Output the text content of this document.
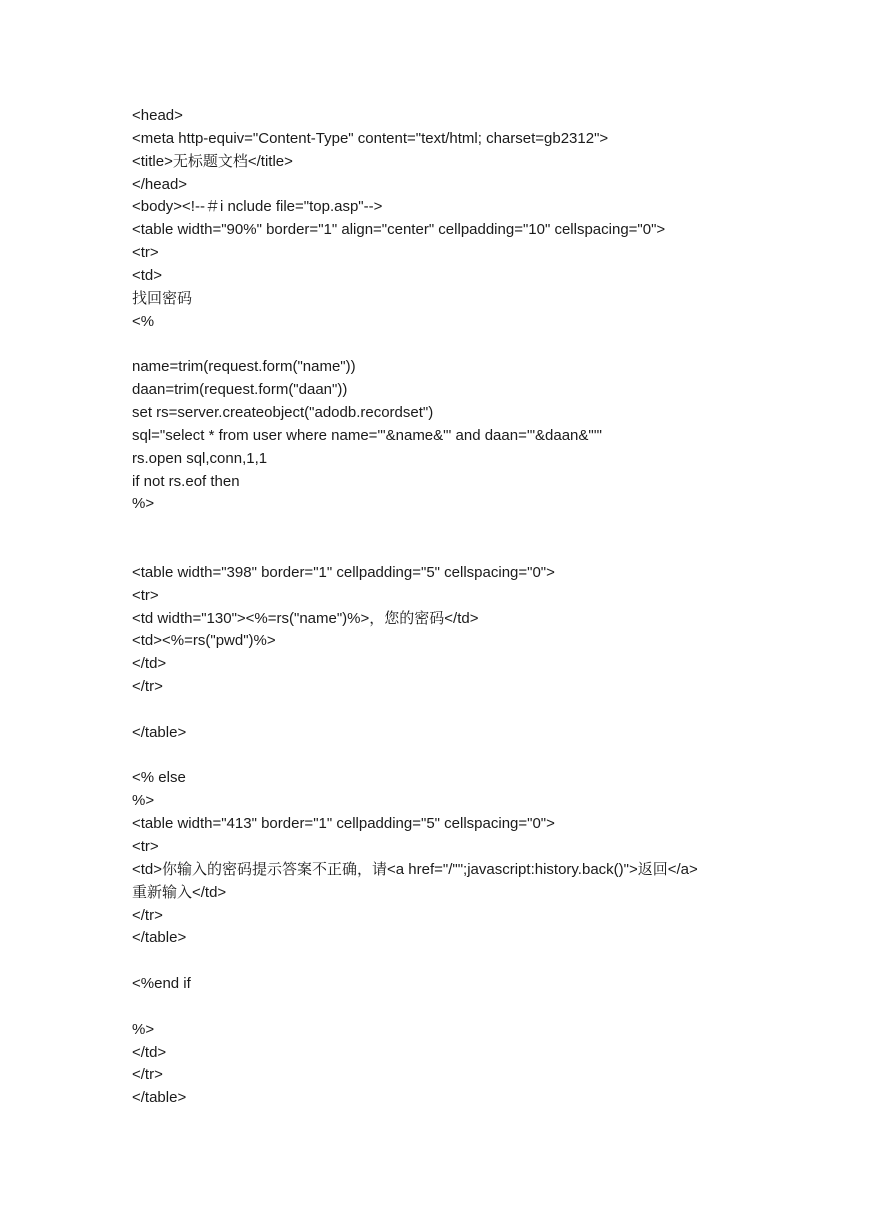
<head>
<meta http-equiv="Content-Type" content="text/html; charset=gb2312">
<title>无标题文档</title>
</head>
<body><!--＃i nclude file="top.asp"-->
<table width="90%" border="1" align="center" cellpadding="10" cellspacing="0">
<tr>
<td>
找回密码
<%
name=trim(request.form("name"))
daan=trim(request.form("daan"))
set rs=server.createobject("adodb.recordset")
sql="select * from user where name='"&name&"' and daan='"&daan&"'"
rs.open sql,conn,1,1
if not rs.eof then
%>
<table width="398" border="1" cellpadding="5" cellspacing="0">
<tr>
<td width="130"><%=rs("name")%>，您的密码</td>
<td><%=rs("pwd")%>
</td>
</tr>
</table>
<% else
%>
<table width="413" border="1" cellpadding="5" cellspacing="0">
<tr>
<td>你输入的密码提示答案不正确，请<a href="/"";javascript:history.back()">返回</a>
重新输入</td>
</tr>
</table>
<%end if
%>
</td>
</tr>
</table>
